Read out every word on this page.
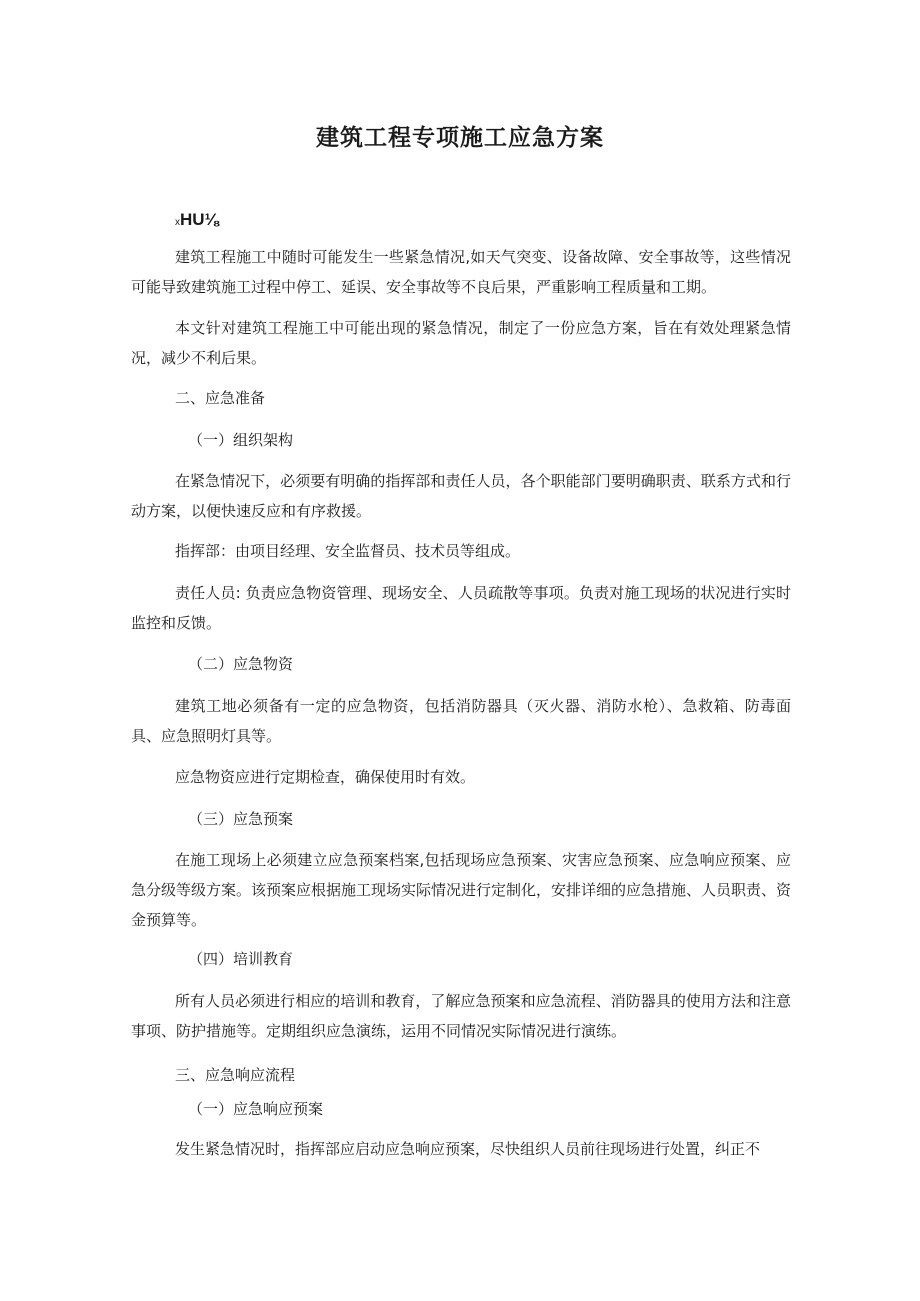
建筑工程专项施工应急方案

xHU⅛

建筑工程施工中随时可能发生一些紧急情况,如天气突变、设备故障、安全事故等，这些情况可能导致建筑施工过程中停工、延误、安全事故等不良后果，严重影响工程质量和工期。

本文针对建筑工程施工中可能出现的紧急情况，制定了一份应急方案，旨在有效处理紧急情况，减少不利后果。

二、应急准备

（一）组织架构

在紧急情况下，必须要有明确的指挥部和责任人员，各个职能部门要明确职责、联系方式和行动方案，以便快速反应和有序救援。

指挥部：由项目经理、安全监督员、技术员等组成。

责任人员: 负责应急物资管理、现场安全、人员疏散等事项。负责对施工现场的状况进行实时监控和反馈。

（二）应急物资

建筑工地必须备有一定的应急物资，包括消防器具（灭火器、消防水枪）、急救箱、防毒面具、应急照明灯具等。

应急物资应进行定期检查，确保使用时有效。

（三）应急预案

在施工现场上必须建立应急预案档案,包括现场应急预案、灾害应急预案、应急响应预案、应急分级等级方案。该预案应根据施工现场实际情况进行定制化，安排详细的应急措施、人员职责、资金预算等。

（四）培训教育

所有人员必须进行相应的培训和教育，了解应急预案和应急流程、消防器具的使用方法和注意事项、防护措施等。定期组织应急演练，运用不同情况实际情况进行演练。

三、应急响应流程

（一）应急响应预案

发生紧急情况时，指挥部应启动应急响应预案，尽快组织人员前往现场进行处置，纠正不
